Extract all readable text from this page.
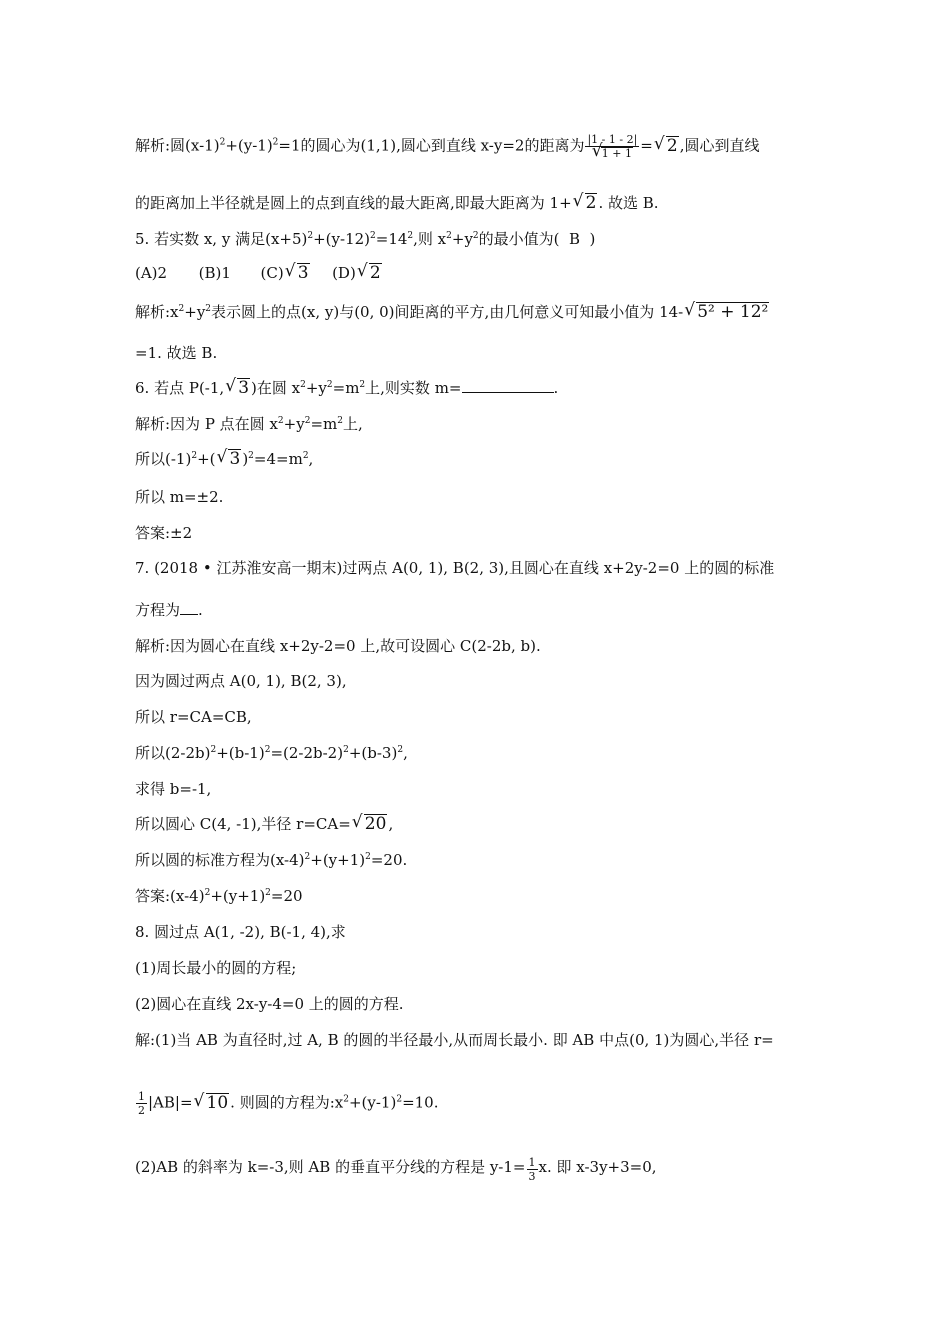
解析:圆$(x-1)^2+(y-1)^2=1$的圆心为(1,1),圆心到直线 x-y=2的距离为 |1 - 1 - 2|
√ 1 + 1 =√ 2 ,圆心到直线
的距离加上半径就是圆上的点到直线的最大距离,即最大距离为 1+√ 2 . 故选 B.
5. 若实数 x, y 满足$(x+5)^2+(y-12)^2=14^2$,则 $x^2+y^2$的最小值为( B )
(A)2 (B)1 (C)√ 3 (D)√ 2
解析$:x^2+y^2$表示圆上的点(x, y)与(0, 0)间距离的平方,由几何意义可知最小值为 14-√ 5² + 12²
=1. 故选 B.
6. 若点 P(-1,√ 3 )在圆 $x^2+y^2=m^2$上,则实数 m=	.
解析:因为 P 点在圆 $x^2+y^2=m^2$上,
所以$(-1)^2+(√$ 3 )$^2=4=m^2$,
所以 m=±2.
答案:±2
7. (2018 • 江苏淮安高一期末)过两点 A(0, 1), B(2, 3),且圆心在直线 x+2y-2=0 上的圆的标准
方程为 .
解析:因为圆心在直线 x+2y-2=0 上,故可设圆心 C(2-2b, b).
因为圆过两点 A(0, 1), B(2, 3),
所以 r=CA=CB,
所以$(2-2b)^2+(b-1)^2=(2-2b-2)^2+(b-3)^2$,
求得 b=-1,
所以圆心 C(4, -1),半径 r=CA=√ 20 ,
所以圆的标准方程为$(x-4)^2+(y+1)^2=20$.
答案$:(x-4)^2+(y+1)^2=20$
8. 圆过点 A(1, -2), B(-1, 4),求
(1)周长最小的圆的方程;
(2)圆心在直线 2x-y-4=0 上的圆的方程.
解:(1)当 AB 为直径时,过 A, B 的圆的半径最小,从而周长最小. 即 AB 中点(0, 1)为圆心,半径 r=
$\frac{1}{2} |AB|=√$ 10 . 则圆的方程为$:x^2+(y-1)^2=10$.
(2)AB 的斜率为 k=-3,则 AB 的垂直平分线的方程是 $y-1= \frac{1}{3} x$. 即 x-3y+3=0,
